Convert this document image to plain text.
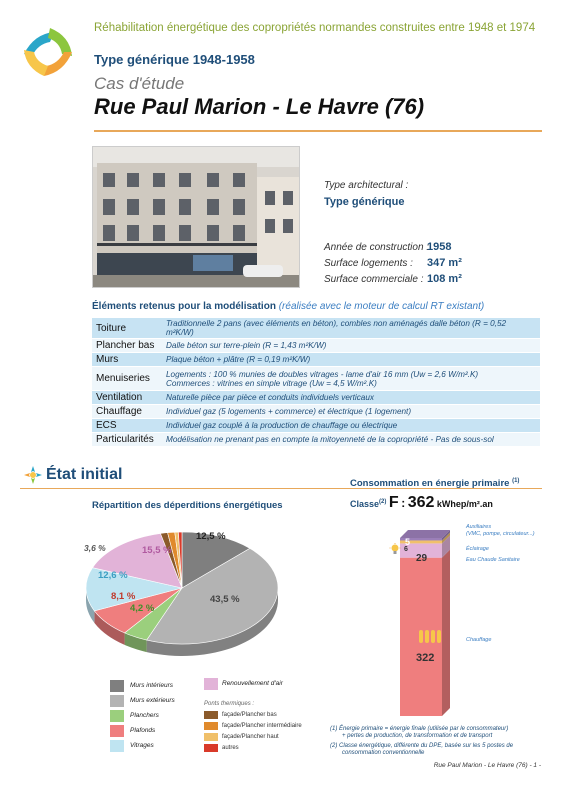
Réhabilitation énergétique des copropriétés normandes construites entre 1948 et 1974
Type générique 1948-1958
Cas d'étude
Rue Paul Marion - Le Havre (76)
Type architectural :
Type générique
Année de construction :
1958
Surface logements : 347 m²
Surface commerciale : 108 m²
Éléments retenus pour la modélisation (réalisée avec le moteur de calcul RT existant)
Toiture	Traditionnelle 2 pans (avec éléments en béton), combles non aménagés dalle béton (R = 0,52 m²K/W)
Plancher bas	Dalle béton sur terre-plein (R = 1,43 m²K/W)
Murs	Plaque béton + plâtre (R = 0,19 m²K/W)
Menuiseries	Logements : 100 % munies de doubles vitrages - lame d'air 16 mm (Uw = 2,6 W/m².K)
Commerces : vitrines en simple vitrage (Uw = 4,5 W/m².K)

Ventilation	Naturelle pièce par pièce et conduits individuels verticaux
Chauffage	Individuel gaz (5 logements + commerce) et électrique (1 logement)
ECS	Individuel gaz couplé à la production de chauffage ou électrique
Particularités	Modélisation ne prenant pas en compte la mitoyenneté de la copropriété - Pas de sous-sol
État initial
Répartition des déperditions énergétiques
Consommation en énergie primaire $^{(1)}$
Classe$^{(2)}$ F : 362 kWhep/m².an
12,5 %
43,5 %
4,2 %
8,1 %
12,6 %
15,5 %
3,6 %
Murs intérieurs
Murs extérieurs
Planchers
Plafonds
Vitrages
Renouvellement d'air
Ponts thermiques :
façade/Plancher bas
façade/Plancher intermédiaire
façade/Plancher haut
autres
5
6
29
322
Auxiliaires
(VMC, pompe, circulateur...)
Éclairage
Eau Chaude Sanitaire
Chauffage
(1) Énergie primaire = énergie finale (utilisée par le consommateur)
+ pertes de production, de transformation et de transport
(2) Classe énergétique, différente du DPE, basée sur les 5 postes de
consommation conventionnelle
Rue Paul Marion - Le Havre (76) - 1 -
